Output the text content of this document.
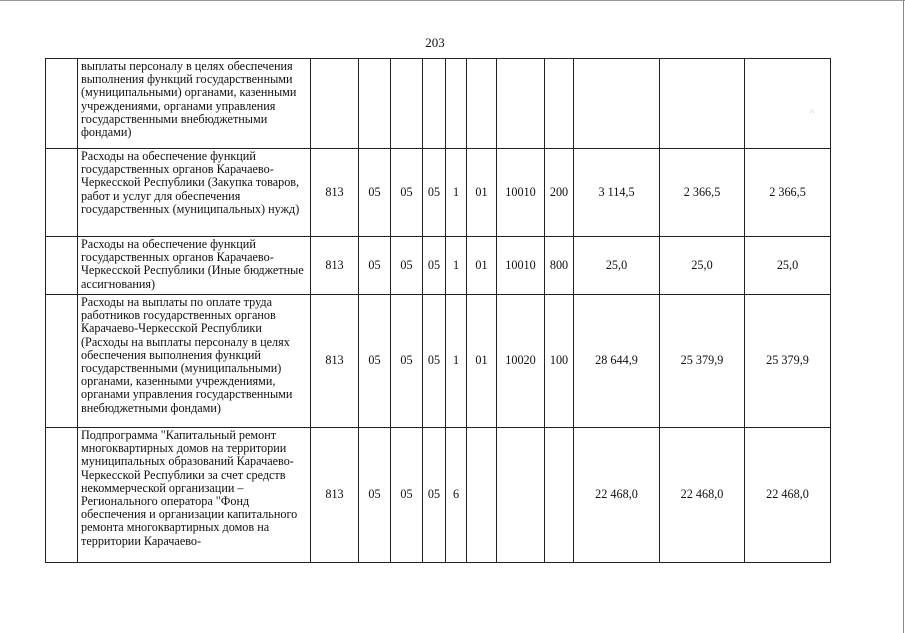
203
	выплаты персоналу в целях обеспечения выполнения функций государственными (муниципальными) органами, казенными учреждениями, органами управления государственными внебюджетными фондами)											
	Расходы на обеспечение функций государственных органов Карачаево-Черкесской Республики (Закупка товаров, работ и услуг для обеспечения государственных (муниципальных) нужд)	813	05	05	05	1	01	10010	200	3 114,5	2 366,5	2 366,5
	Расходы на обеспечение функций государственных органов Карачаево-Черкесской Республики (Иные бюджетные ассигнования)	813	05	05	05	1	01	10010	800	25,0	25,0	25,0
	Расходы на выплаты по оплате труда работников государственных органов Карачаево-Черкесской Республики (Расходы на выплаты персоналу в целях обеспечения выполнения функций государственными (муниципальными) органами, казенными учреждениями, органами управления государственными внебюджетными фондами)	813	05	05	05	1	01	10020	100	28 644,9	25 379,9	25 379,9
	Подпрограмма "Капитальный ремонт многоквартирных домов на территории муниципальных образований Карачаево-Черкесской Республики за счет средств некоммерческой организации – Регионального оператора "Фонд обеспечения и организации капитального ремонта многоквартирных домов на территории Карачаево-	813	05	05	05	6				22 468,0	22 468,0	22 468,0
∴
